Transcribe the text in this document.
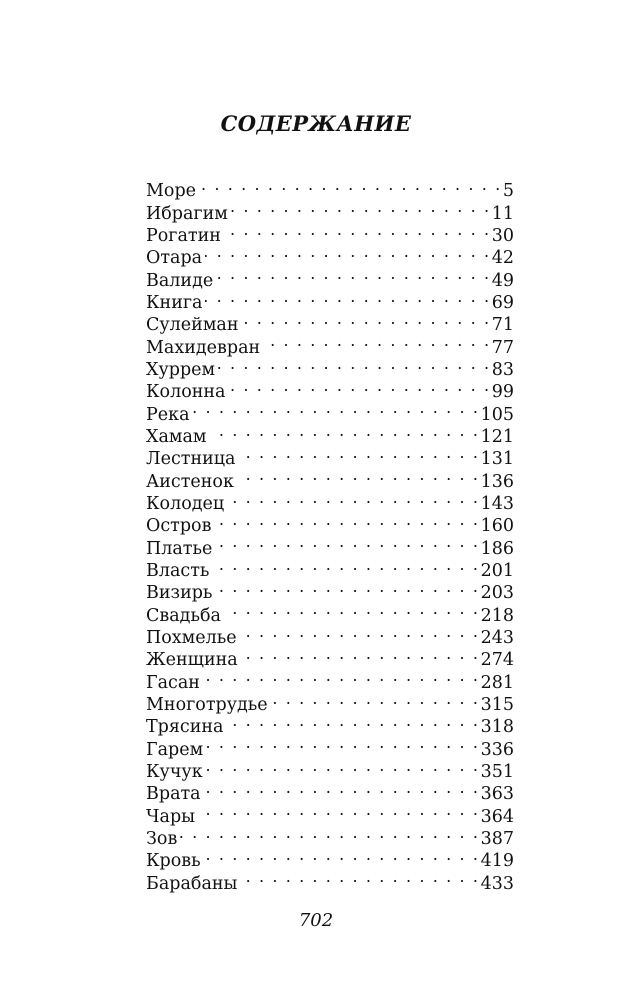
СОДЕРЖАНИЕ
Море . . .	5
Ибрагим . . .	11
Рогатин . . .	30
Отара . . .	42
Валиде . . .	49
Книга . . .	69
Сулейман . . .	71
Махидевран . . .	77
Хуррем . . .	83
Колонна . . .	99
Река . . .	105
Хамам . . .	121
Лестница . . .	131
Аистенок . . .	136
Колодец . . .	143
Остров . . .	160
Платье . . .	186
Власть . . .	201
Визирь . . .	203
Свадьба . . .	218
Похмелье . . .	243
Женщина . . .	274
Гасан . . .	281
Многотрудье . . .	315
Трясина . . .	318
Гарем . . .	336
Кучук . . .	351
Врата . . .	363
Чары . . .	364
Зов . . .	387
Кровь . . .	419
Барабаны . . .	433
702
